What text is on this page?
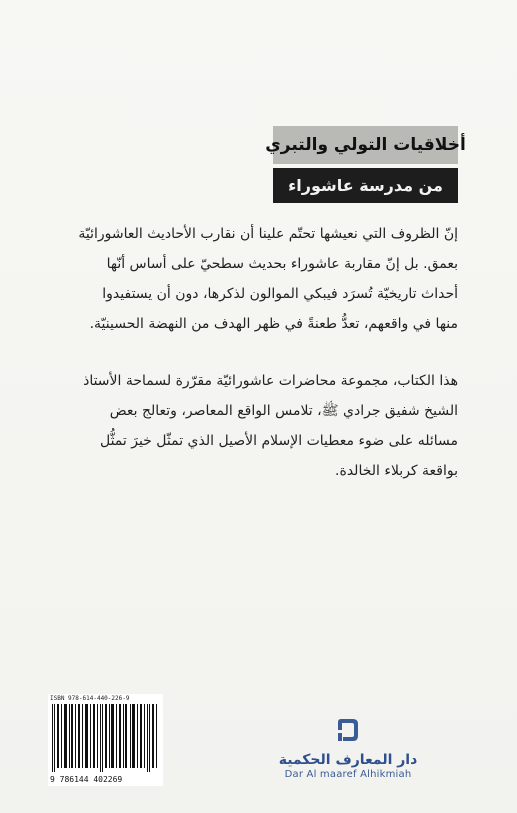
أخلاقيات التولي والتبري
من مدرسة عاشوراء
إنّ الظروف التي نعيشها تحتّم علينا أن نقارب الأحاديث العاشورائيّة
بعمق. بل إنّ مقاربة عاشوراء بحديث سطحيّ على أساس أنّها
أحداث تاريخيّة تُسرَد فيبكي الموالون لذكرها، دون أن يستفيدوا
منها في واقعهم، تعدُّ طعنةً في ظهر الهدف من النهضة الحسينيّة.
هذا الكتاب، مجموعة محاضرات عاشورائيّة مقرّرة لسماحة الأستاذ
الشيخ شفيق جرادي ﷺ، تلامس الواقع المعاصر، وتعالج بعض
مسائله على ضوء معطيات الإسلام الأصيل الذي تمثّل خيرَ تمثُّل
بواقعة كربلاء الخالدة.
ISBN 978-614-440-226-9
9 786144 402269
دار المعارف الحكمية
Dar Al maaref Alhikmiah
